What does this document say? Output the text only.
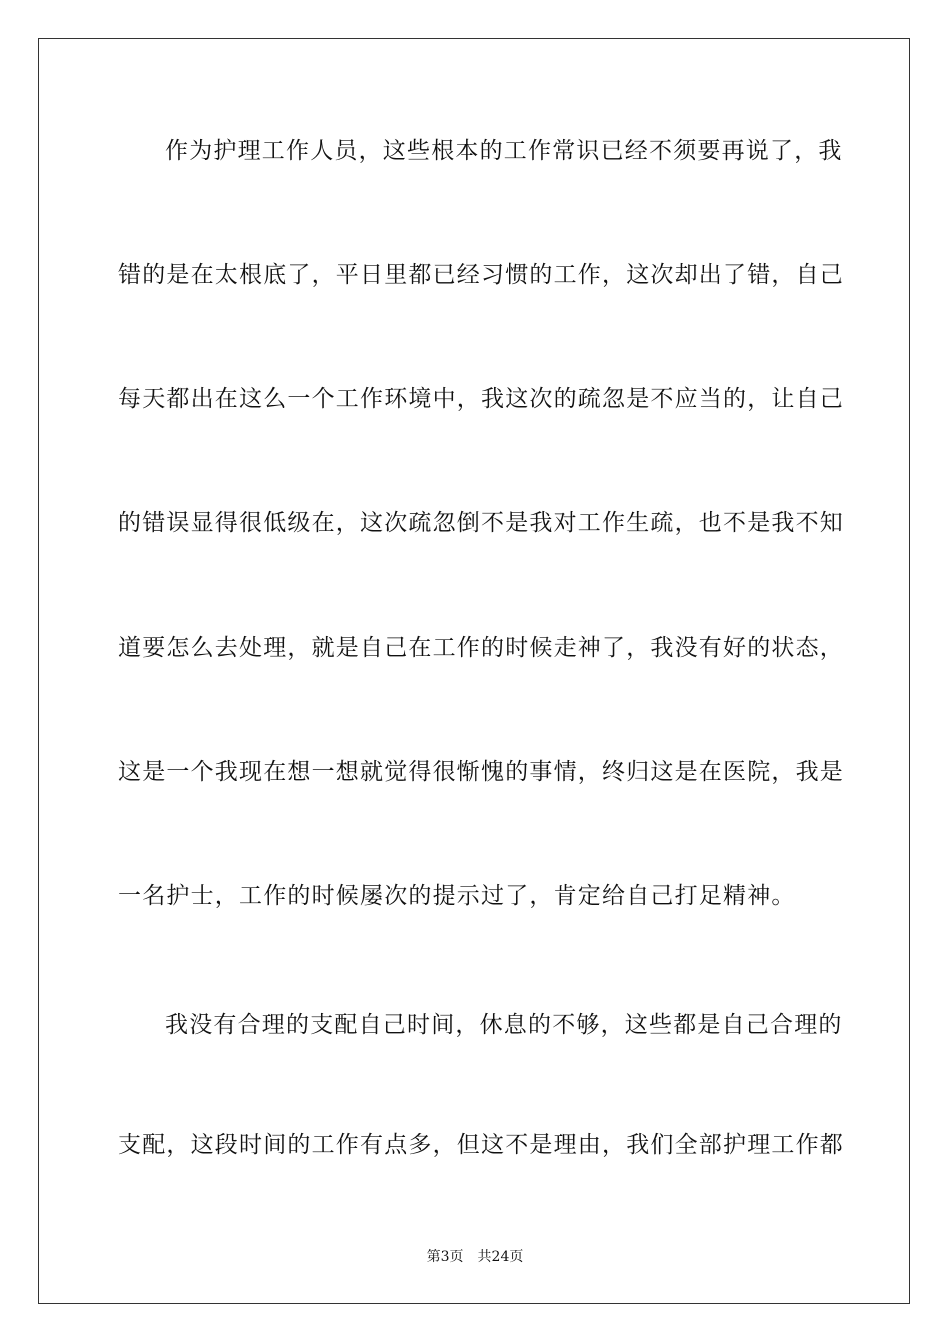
作为护理工作人员，这些根本的工作常识已经不须要再说了，我
错的是在太根底了，平日里都已经习惯的工作，这次却出了错，自己
每天都出在这么一个工作环境中，我这次的疏忽是不应当的，让自己
的错误显得很低级在，这次疏忽倒不是我对工作生疏，也不是我不知
道要怎么去处理，就是自己在工作的时候走神了，我没有好的状态，
这是一个我现在想一想就觉得很惭愧的事情，终归这是在医院，我是
一名护士，工作的时候屡次的提示过了，肯定给自己打足精神。
我没有合理的支配自己时间，休息的不够，这些都是自己合理的
支配，这段时间的工作有点多，但这不是理由，我们全部护理工作都
第3页 共24页
